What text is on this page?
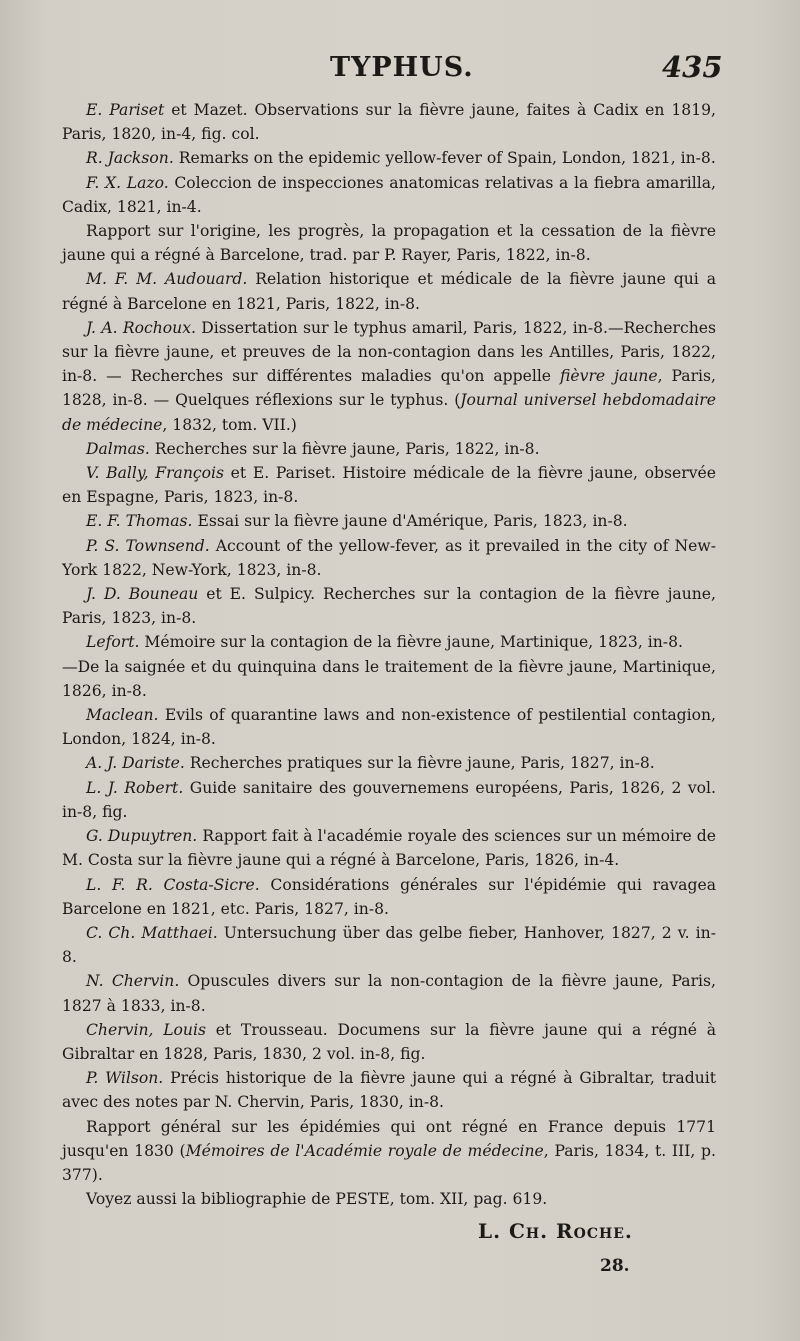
TYPHUS.	435

E. Pariset et Mazet. Observations sur la fièvre jaune, faites à Cadix en 1819, Paris, 1820, in-4, fig. col.

R. Jackson. Remarks on the epidemic yellow-fever of Spain, London, 1821, in-8.

F. X. Lazo. Coleccion de inspecciones anatomicas relativas a la fiebra amarilla, Cadix, 1821, in-4.

Rapport sur l'origine, les progrès, la propagation et la cessation de la fièvre jaune qui a régné à Barcelone, trad. par P. Rayer, Paris, 1822, in-8.

M. F. M. Audouard. Relation historique et médicale de la fièvre jaune qui a régné à Barcelone en 1821, Paris, 1822, in-8.

J. A. Rochoux. Dissertation sur le typhus amaril, Paris, 1822, in-8.—Recherches sur la fièvre jaune, et preuves de la non-contagion dans les Antilles, Paris, 1822, in-8. — Recherches sur différentes maladies qu'on appelle fièvre jaune, Paris, 1828, in-8. — Quelques réflexions sur le typhus. (Journal universel hebdomadaire de médecine, 1832, tom. VII.)

Dalmas. Recherches sur la fièvre jaune, Paris, 1822, in-8.

V. Bally, François et E. Pariset. Histoire médicale de la fièvre jaune, observée en Espagne, Paris, 1823, in-8.

E. F. Thomas. Essai sur la fièvre jaune d'Amérique, Paris, 1823, in-8.

P. S. Townsend. Account of the yellow-fever, as it prevailed in the city of New-York 1822, New-York, 1823, in-8.

J. D. Bouneau et E. Sulpicy. Recherches sur la contagion de la fièvre jaune, Paris, 1823, in-8.

Lefort. Mémoire sur la contagion de la fièvre jaune, Martinique, 1823, in-8.

—De la saignée et du quinquina dans le traitement de la fièvre jaune, Martinique, 1826, in-8.

Maclean. Evils of quarantine laws and non-existence of pestilential contagion, London, 1824, in-8.

A. J. Dariste. Recherches pratiques sur la fièvre jaune, Paris, 1827, in-8.

L. J. Robert. Guide sanitaire des gouvernemens européens, Paris, 1826, 2 vol. in-8, fig.

G. Dupuytren. Rapport fait à l'académie royale des sciences sur un mémoire de M. Costa sur la fièvre jaune qui a régné à Barcelone, Paris, 1826, in-4.

L. F. R. Costa-Sicre. Considérations générales sur l'épidémie qui ravagea Barcelone en 1821, etc. Paris, 1827, in-8.

C. Ch. Matthaei. Untersuchung über das gelbe fieber, Hanhover, 1827, 2 v. in-8.

N. Chervin. Opuscules divers sur la non-contagion de la fièvre jaune, Paris, 1827 à 1833, in-8.

Chervin, Louis et Trousseau. Documens sur la fièvre jaune qui a régné à Gibraltar en 1828, Paris, 1830, 2 vol. in-8, fig.

P. Wilson. Précis historique de la fièvre jaune qui a régné à Gibraltar, traduit avec des notes par N. Chervin, Paris, 1830, in-8.

Rapport général sur les épidémies qui ont régné en France depuis 1771 jusqu'en 1830 (Mémoires de l'Académie royale de médecine, Paris, 1834, t. III, p. 377).

Voyez aussi la bibliographie de PESTE, tom. XII, pag. 619.

L. Ch. Roche.
28.
